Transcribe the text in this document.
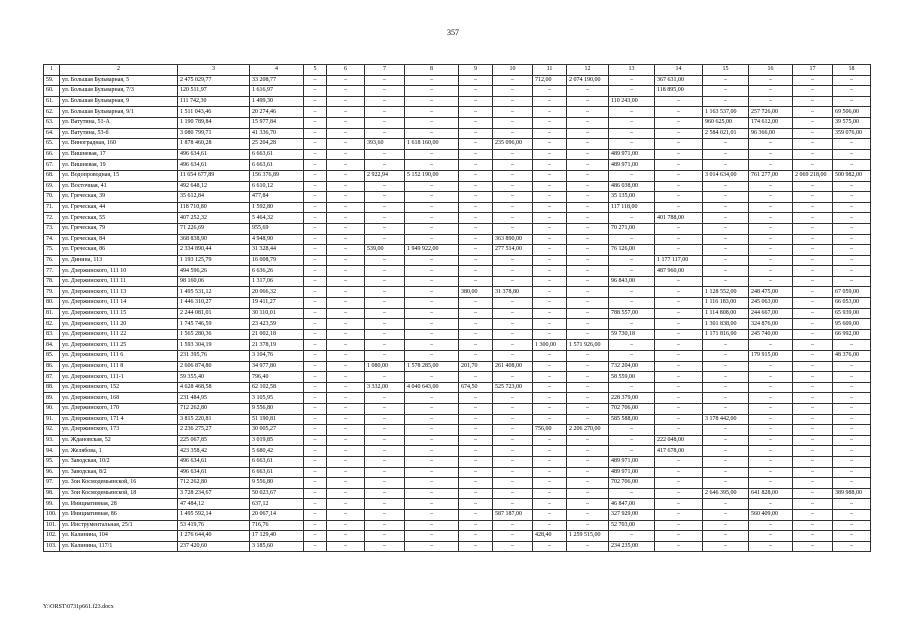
357
1	2	3	4	5	6	7	8	9	10	11	12	13	14	15	16	17	18
59.	ул. Большая Бульварная, 5	2 475 029,77	33 208,77	–	–	–	–	–	–	712,00	2 074 190,00	–	367 631,00	–	–	–	–
60.	ул. Большая Бульварная, 7/3	120 511,97	1 616,97	–	–	–	–	–	–	–	–	–	118 895,00	–	–	–	–
61.	ул. Большая Бульварная, 9	111 742,30	1 499,30	–	–	–	–	–	–	–	–	110 243,00	–	–	–	–	–
62.	ул. Большая Бульварная, 9/1	1 511 043,46	20 274,46	–	–	–	–	–	–	–	–	–	–	1 163 537,00	257 726,00	–	69 506,00
63.	ул. Ватутина, 51-А	1 190 789,84	15 977,84	–	–	–	–	–	–	–	–	–	–	960 625,00	174 612,00	–	39 575,00
64.	ул. Ватутина, 53-б	3 080 799,71	41 336,70	–	–	–	–	–	–	–	–	–	–	2 584 021,01	96 366,00	–	359 076,00
65.	ул. Виноградная, 160	1 878 460,28	25 204,28	–	–	393,60	1 618 160,00	–	235 096,00	–	–	–	–	–	–	–	–
66.	ул. Вишневая, 17	496 634,61	6 663,61	–	–	–	–	–	–	–	–	489 971,00	–	–	–	–	–
67.	ул. Вишневая, 19	496 634,61	6 663,61	–	–	–	–	–	–	–	–	489 971,00	–	–	–	–	–
68.	ул. Водопроводная, 15	11 654 677,89	156 376,89	–	–	2 922,94	5 152 190,00	–	–	–	–	–	–	3 014 634,00	761 277,00	2 069 218,00	500 982,00
69.	ул. Восточная, 41	492 648,12	6 610,12	–	–	–	–	–	–	–	–	486 038,00	–	–	–	–	–
70.	ул. Греческая, 39	35 612,84	477,84	–	–	–	–	–	–	–	–	35 135,00	–	–	–	–	–
71.	ул. Греческая, 44	118 710,80	1 592,80	–	–	–	–	–	–	–	–	117 118,00	–	–	–	–	–
72.	ул. Греческая, 55	407 252,32	5 464,32	–	–	–	–	–	–	–	–	–	401 788,00	–	–	–	–
73.	ул. Греческая, 79	71 226,69	955,69	–	–	–	–	–	–	–	–	70 271,00	–	–	–	–	–
74.	ул. Греческая, 84	368 838,90	4 948,90	–	–	–	–	–	363 890,00	–	–	–	–	–	–	–	–
75.	ул. Греческая, 86	2 334 890,44	31 328,44	–	–	539,00	1 949 922,00	–	277 514,00	–	–	76 126,00	–	–	–	–	–
76.	ул. Динина, 113	1 193 125,79	16 008,79	–	–	–	–	–	–	–	–	–	1 177 117,00	–	–	–	–
77.	ул. Дзержинского, 111 10	494 596,26	6 636,26	–	–	–	–	–	–	–	–	–	487 960,00	–	–	–	–
78.	ул. Дзержинского, 111 11	98 160,06	1 317,06	–	–	–	–	–	–	–	–	96 843,00	–	–	–	–	–
79.	ул. Дзержинского, 111 13	1 495 531,12	20 066,32	–	–	–	–	380,00	31 378,80	–	–	–	–	1 128 552,00	248 475,00	–	67 059,00
80.	ул. Дзержинского, 111 14	1 446 310,27	19 411,27	–	–	–	–	–	–	–	–	–	–	1 116 183,00	245 063,00	–	66 053,00
81.	ул. Дзержинского, 111 15	2 244 081,01	30 110,01	–	–	–	–	–	–	–	–	788 557,00	–	1 114 808,00	244 667,00	–	65 939,00
82.	ул. Дзержинского, 111 20	1 745 746,59	23 423,59	–	–	–	–	–	–	–	–	–	–	1 301 838,00	324 876,00	–	95 609,00
83.	ул. Дзержинского, 111 22	1 565 280,36	21 002,18	–	–	–	–	–	–	–	–	59 730,18	–	1 171 816,00	245 740,00	–	66 992,00
84.	ул. Дзержинского, 111 25	1 593 304,19	21 378,19	–	–	–	–	–	–	1 300,00	1 571 926,00	–	–	–	–	–	–
85.	ул. Дзержинского, 111 6	231 395,76	3 104,76	–	–	–	–	–	–	–	–	–	–	–	179 915,00	–	48 376,00
86.	ул. Дзержинского, 111 8	2 606 874,80	34 977,80	–	–	1 080,00	1 578 285,00	201,70	261 408,00	–	–	732 204,00	–	–	–	–	–
87.	ул. Дзержинского, 111-1	59 355,40	796,40	–	–	–	–	–	–	–	–	58 559,00	–	–	–	–	–
88.	ул. Дзержинского, 152	4 628 468,58	62 102,58	–	–	3 332,00	4 040 643,00	674,50	525 723,00	–	–	–	–	–	–	–	–
89.	ул. Дзержинского, 168	231 484,95	3 105,95	–	–	–	–	–	–	–	–	228 379,00	–	–	–	–	–
90.	ул. Дзержинского, 170	712 262,80	9 556,80	–	–	–	–	–	–	–	–	702 706,00	–	–	–	–	–
91.	ул. Дзержинского, 171 4	3 815 220,81	51 190,81	–	–	–	–	–	–	–	–	585 588,00	–	3 178 442,00	–	–	–
92.	ул. Дзержинского, 173	2 236 275,27	30 005,27	–	–	–	–	–	–	756,00	2 206 270,00	–	–	–	–	–	–
93.	ул. Ждановская, 52	225 067,85	3 019,85	–	–	–	–	–	–	–	–	–	222 048,00	–	–	–	–
94.	ул. Желябова, 1	423 358,42	5 680,42	–	–	–	–	–	–	–	–	–	417 678,00	–	–	–	–
95.	ул. Заводская, 10/2	496 634,61	6 663,61	–	–	–	–	–	–	–	–	489 971,00	–	–	–	–	–
96.	ул. Заводская, 8/2	496 634,61	6 663,61	–	–	–	–	–	–	–	–	489 971,00	–	–	–	–	–
97.	ул. Зои Космодемьянской, 16	712 262,80	9 556,80	–	–	–	–	–	–	–	–	702 706,00	–	–	–	–	–
98.	ул. Зои Космодемьянской, 18	3 728 234,67	50 023,67	–	–	–	–	–	–	–	–	–	–	2 646 395,00	641 828,00	–	389 988,00
99.	ул. Инициативная, 28	47 484,12	637,12	–	–	–	–	–	–	–	–	46 847,00	–	–	–	–	–
100.	ул. Инициативная, 86	1 495 592,14	20 067,14	–	–	–	–	–	587 187,00	–	–	327 929,00	–	–	560 409,00	–	–
101.	ул. Инструментальная, 25/1	53 419,76	716,76	–	–	–	–	–	–	–	–	52 703,00	–	–	–	–	–
102.	ул. Калинина, 104	1 276 644,40	17 129,40	–	–	–	–	–	–	428,40	1 259 515,00	–	–	–	–	–	–
103.	ул. Калинина, 117/1	237 420,60	3 185,60	–	–	–	–	–	–	–	–	234 235,00	–	–	–	–	–
Y:\ORST\0731p661.f23.docx
